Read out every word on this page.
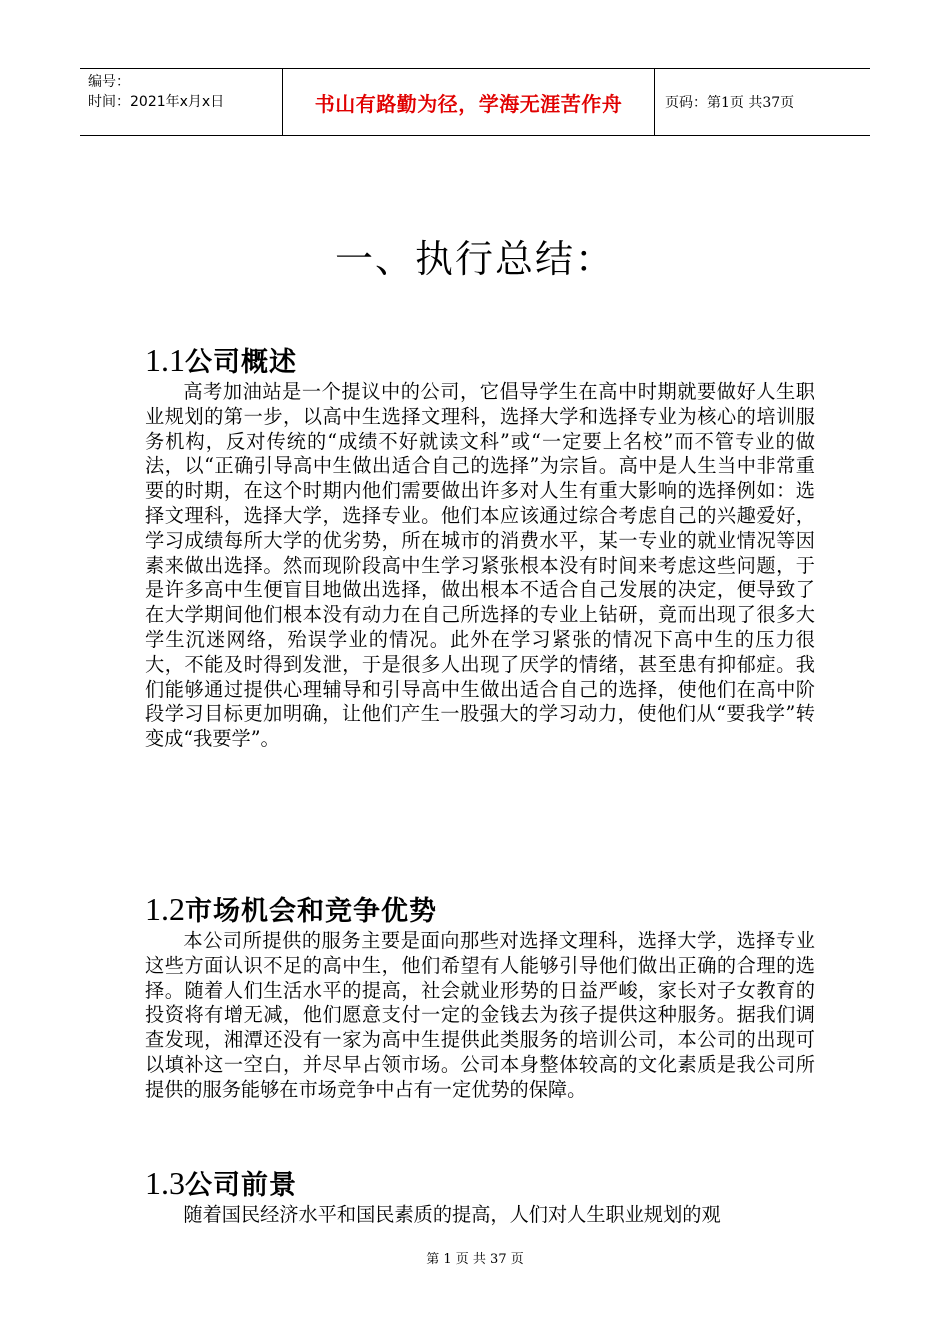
编号：
时间：2021年x月x日	书山有路勤为径，学海无涯苦作舟	页码：第1页 共37页
一、执行总结：
1.1公司概述

高考加油站是一个提议中的公司，它倡导学生在高中时期就要做好人生职业规划的第一步，以高中生选择文理科，选择大学和选择专业为核心的培训服务机构，反对传统的“成绩不好就读文科”或“一定要上名校”而不管专业的做法，以“正确引导高中生做出适合自己的选择”为宗旨。高中是人生当中非常重要的时期，在这个时期内他们需要做出许多对人生有重大影响的选择例如：选择文理科，选择大学，选择专业。他们本应该通过综合考虑自己的兴趣爱好，学习成绩每所大学的优劣势，所在城市的消费水平，某一专业的就业情况等因素来做出选择。然而现阶段高中生学习紧张根本没有时间来考虑这些问题，于是许多高中生便盲目地做出选择，做出根本不适合自己发展的决定，便导致了在大学期间他们根本没有动力在自己所选择的专业上钻研，竟而出现了很多大学生沉迷网络，殆误学业的情况。此外在学习紧张的情况下高中生的压力很大，不能及时得到发泄，于是很多人出现了厌学的情绪，甚至患有抑郁症。我们能够通过提供心理辅导和引导高中生做出适合自己的选择，使他们在高中阶段学习目标更加明确，让他们产生一股强大的学习动力，使他们从“要我学”转变成“我要学”。

1.2市场机会和竞争优势

本公司所提供的服务主要是面向那些对选择文理科，选择大学，选择专业这些方面认识不足的高中生，他们希望有人能够引导他们做出正确的合理的选择。随着人们生活水平的提高，社会就业形势的日益严峻，家长对子女教育的投资将有增无减，他们愿意支付一定的金钱去为孩子提供这种服务。据我们调查发现，湘潭还没有一家为高中生提供此类服务的培训公司，本公司的出现可以填补这一空白，并尽早占领市场。公司本身整体较高的文化素质是我公司所提供的服务能够在市场竞争中占有一定优势的保障。

1.3公司前景

随着国民经济水平和国民素质的提高，人们对人生职业规划的观

第 1 页 共 37 页
